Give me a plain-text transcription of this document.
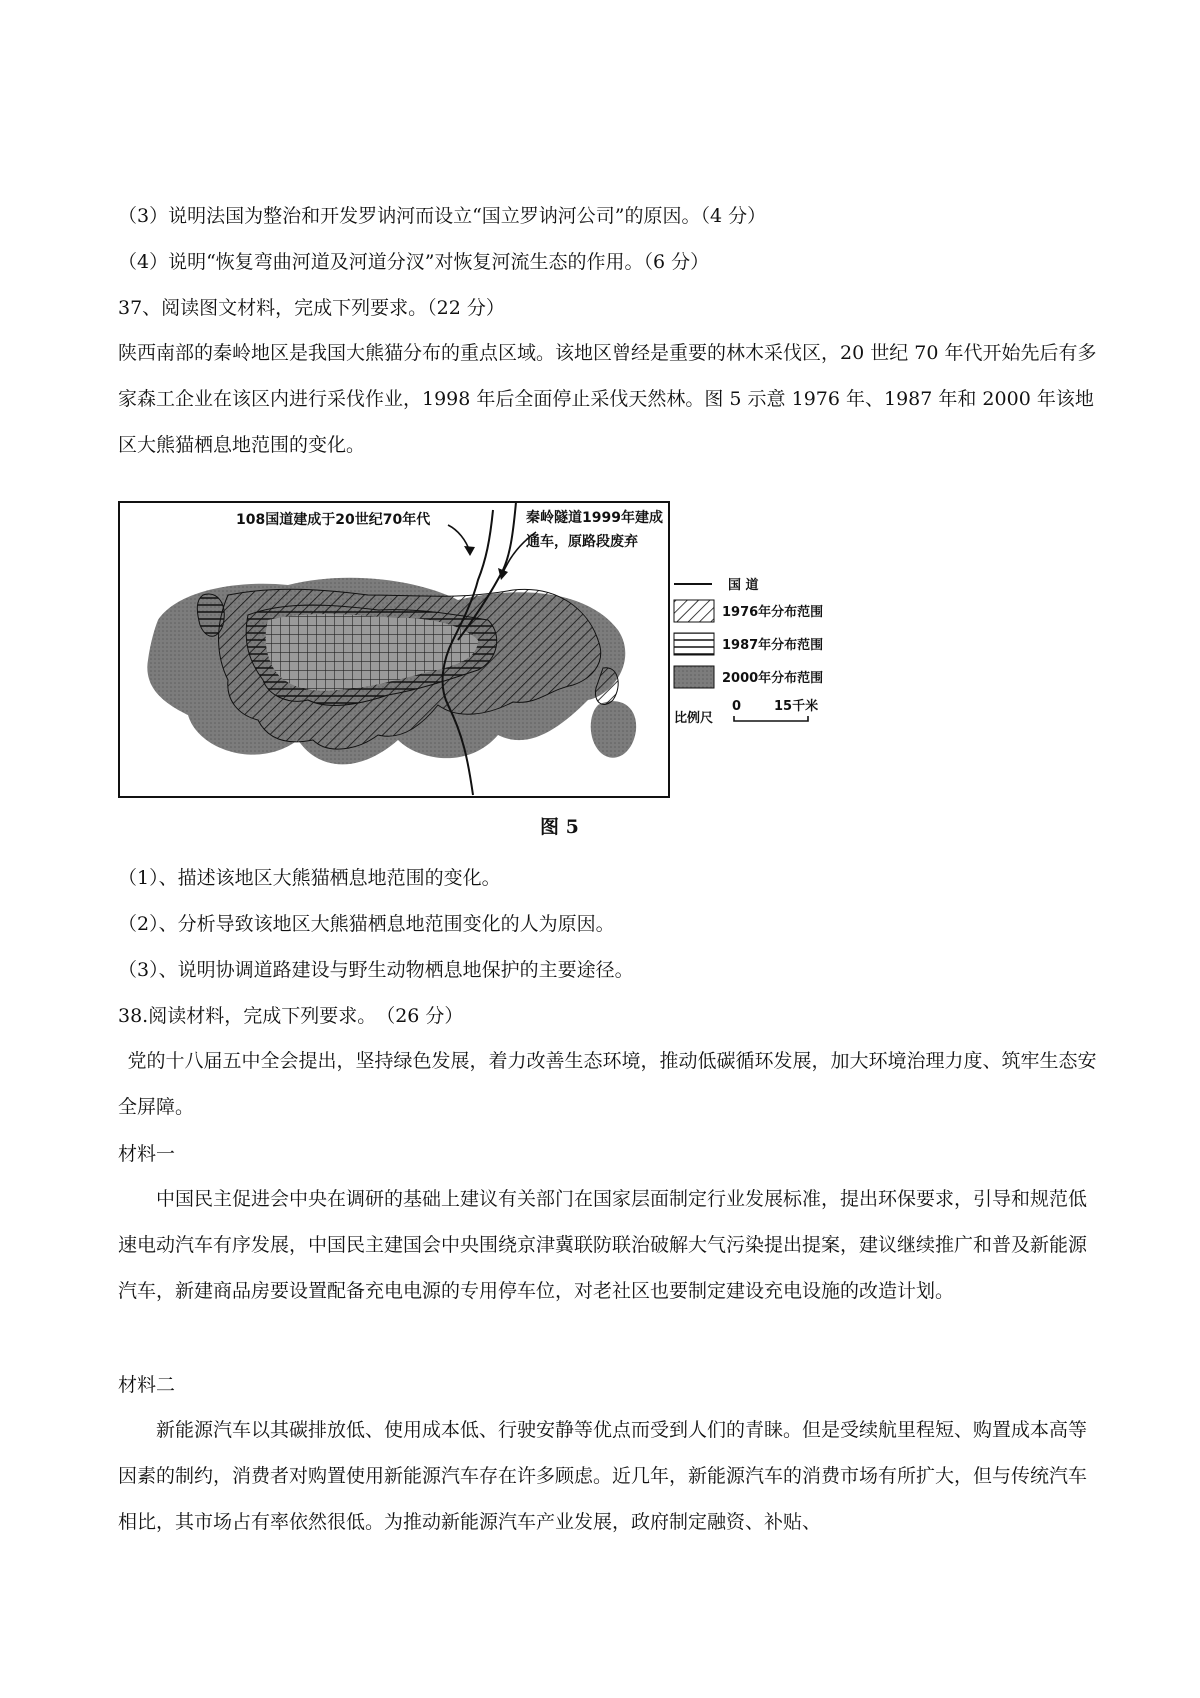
（3）说明法国为整治和开发罗讷河而设立“国立罗讷河公司”的原因。（4 分）
（4）说明“恢复弯曲河道及河道分汊”对恢复河流生态的作用。（6 分）
37、阅读图文材料，完成下列要求。（22 分）
陕西南部的秦岭地区是我国大熊猫分布的重点区域。该地区曾经是重要的林木采伐区，20 世纪 70 年代开始先后有多家森工企业在该区内进行采伐作业，1998 年后全面停止采伐天然林。图 5 示意 1976 年、1987 年和 2000 年该地区大熊猫栖息地范围的变化。
108国道建成于20世纪70年代	秦岭隧道1999年建成
通车，原路段废弃
国 道
1976年分布范围
1987年分布范围
2000年分布范围
比例尺
0	15千米
图 5
（1）、描述该地区大熊猫栖息地范围的变化。
（2）、分析导致该地区大熊猫栖息地范围变化的人为原因。
（3）、说明协调道路建设与野生动物栖息地保护的主要途径。
38.阅读材料，完成下列要求。　（26 分）
党的十八届五中全会提出，坚持绿色发展，着力改善生态环境，推动低碳循环发展，加大环境治理力度、筑牢生态安全屏障。
材料一
中国民主促进会中央在调研的基础上建议有关部门在国家层面制定行业发展标准，提出环保要求，引导和规范低速电动汽车有序发展，中国民主建国会中央围绕京津冀联防联治破解大气污染提出提案，建议继续推广和普及新能源汽车，新建商品房要设置配备充电电源的专用停车位，对老社区也要制定建设充电设施的改造计划。
材料二
新能源汽车以其碳排放低、使用成本低、行驶安静等优点而受到人们的青睐。但是受续航里程短、购置成本高等因素的制约，消费者对购置使用新能源汽车存在许多顾虑。近几年，新能源汽车的消费市场有所扩大，但与传统汽车相比，其市场占有率依然很低。为推动新能源汽车产业发展，政府制定融资、补贴、
